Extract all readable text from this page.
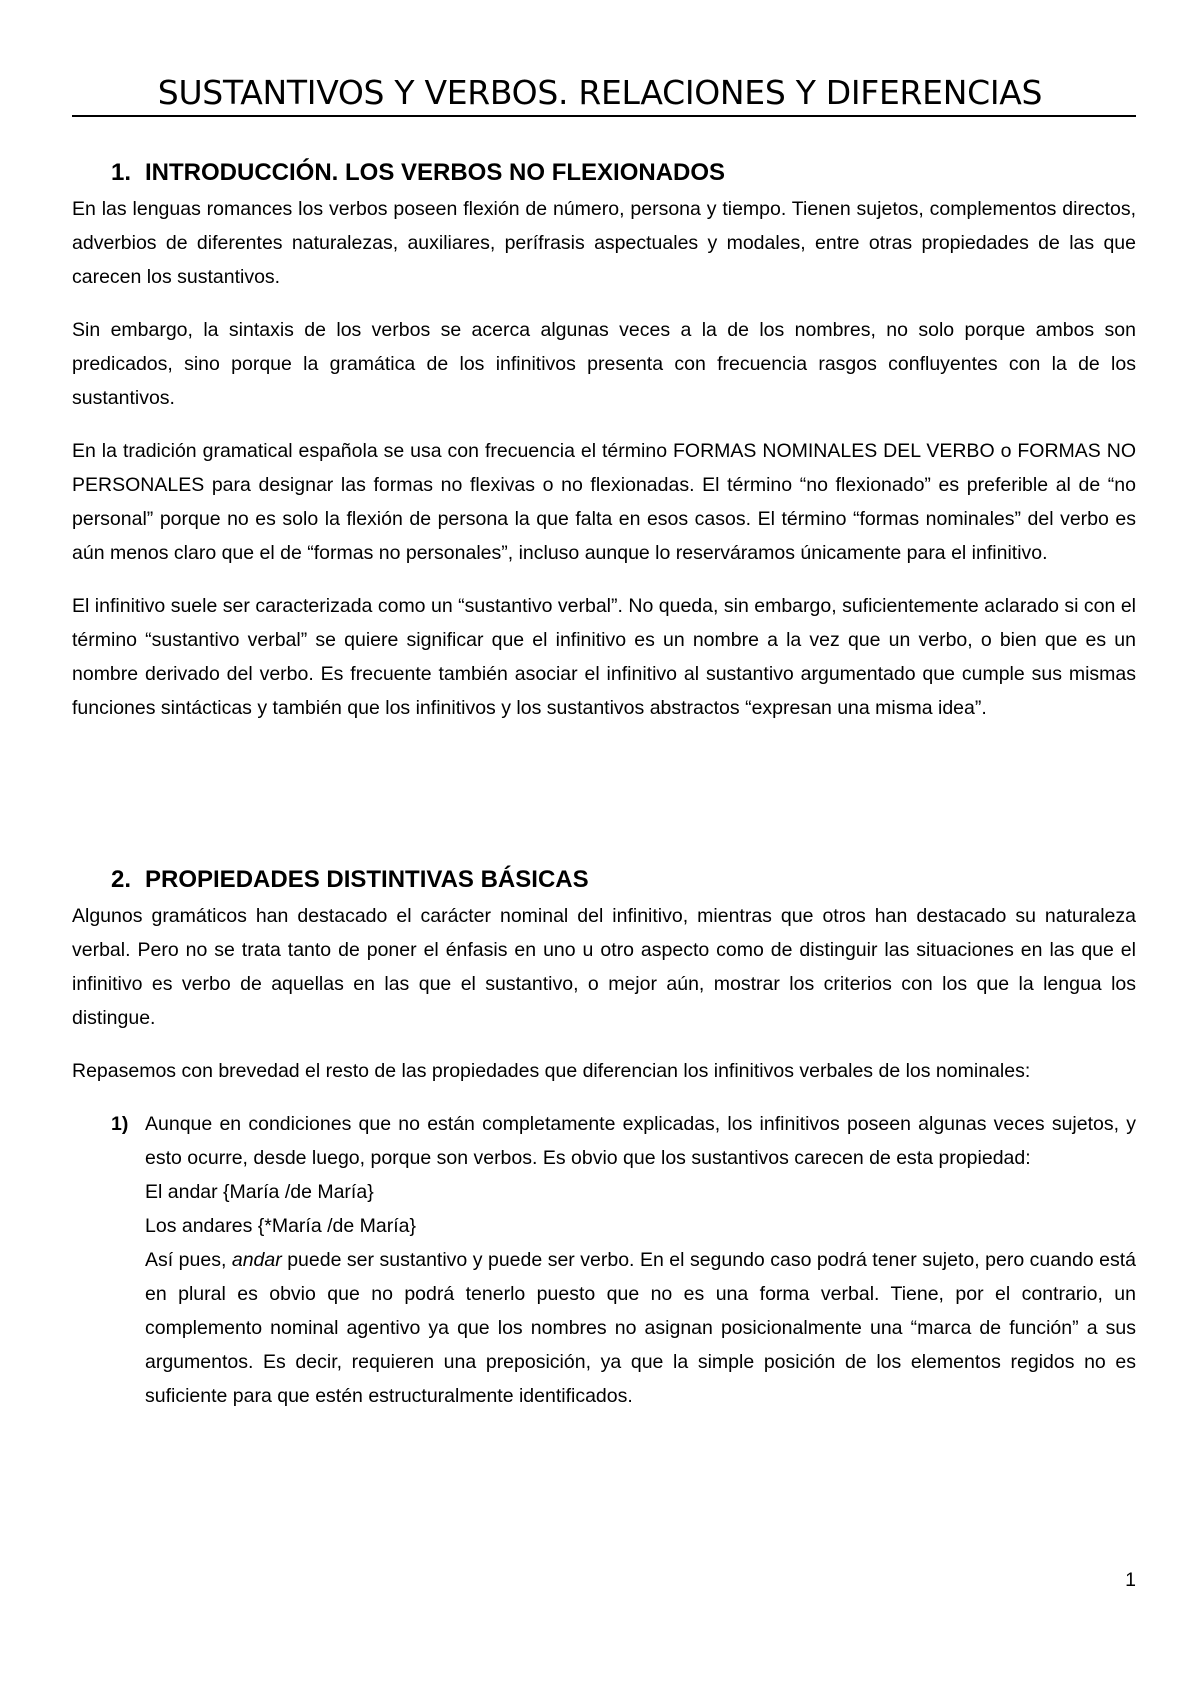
SUSTANTIVOS Y VERBOS. RELACIONES Y DIFERENCIAS
1. INTRODUCCIÓN. LOS VERBOS NO FLEXIONADOS
En las lenguas romances los verbos poseen flexión de número, persona y tiempo. Tienen sujetos, complementos directos, adverbios de diferentes naturalezas, auxiliares, perífrasis aspectuales y modales, entre otras propiedades de las que carecen los sustantivos.
Sin embargo, la sintaxis de los verbos se acerca algunas veces a la de los nombres, no solo porque ambos son predicados, sino porque la gramática de los infinitivos presenta con frecuencia rasgos confluyentes con la de los sustantivos.
En la tradición gramatical española se usa con frecuencia el término FORMAS NOMINALES DEL VERBO o FORMAS NO PERSONALES para designar las formas no flexivas o no flexionadas. El término “no flexionado” es preferible al de “no personal” porque no es solo la flexión de persona la que falta en esos casos. El término “formas nominales” del verbo es aún menos claro que el de “formas no personales”, incluso aunque lo reserváramos únicamente para el infinitivo.
El infinitivo suele ser caracterizada como un “sustantivo verbal”. No queda, sin embargo, suficientemente aclarado si con el término “sustantivo verbal” se quiere significar que el infinitivo es un nombre a la vez que un verbo, o bien que es un nombre derivado del verbo. Es frecuente también asociar el infinitivo al sustantivo argumentado que cumple sus mismas funciones sintácticas y también que los infinitivos y los sustantivos abstractos “expresan una misma idea”.
2. PROPIEDADES DISTINTIVAS BÁSICAS
Algunos gramáticos han destacado el carácter nominal del infinitivo, mientras que otros han destacado su naturaleza verbal. Pero no se trata tanto de poner el énfasis en uno u otro aspecto como de distinguir las situaciones en las que el infinitivo es verbo de aquellas en las que el sustantivo, o mejor aún, mostrar los criterios con los que la lengua los distingue.
Repasemos con brevedad el resto de las propiedades que diferencian los infinitivos verbales de los nominales:
1) Aunque en condiciones que no están completamente explicadas, los infinitivos poseen algunas veces sujetos, y esto ocurre, desde luego, porque son verbos. Es obvio que los sustantivos carecen de esta propiedad:
El andar {María /de María}
Los andares {*María /de María}
Así pues, andar puede ser sustantivo y puede ser verbo. En el segundo caso podrá tener sujeto, pero cuando está en plural es obvio que no podrá tenerlo puesto que no es una forma verbal. Tiene, por el contrario, un complemento nominal agentivo ya que los nombres no asignan posicionalmente una “marca de función” a sus argumentos. Es decir, requieren una preposición, ya que la simple posición de los elementos regidos no es suficiente para que estén estructuralmente identificados.
1
